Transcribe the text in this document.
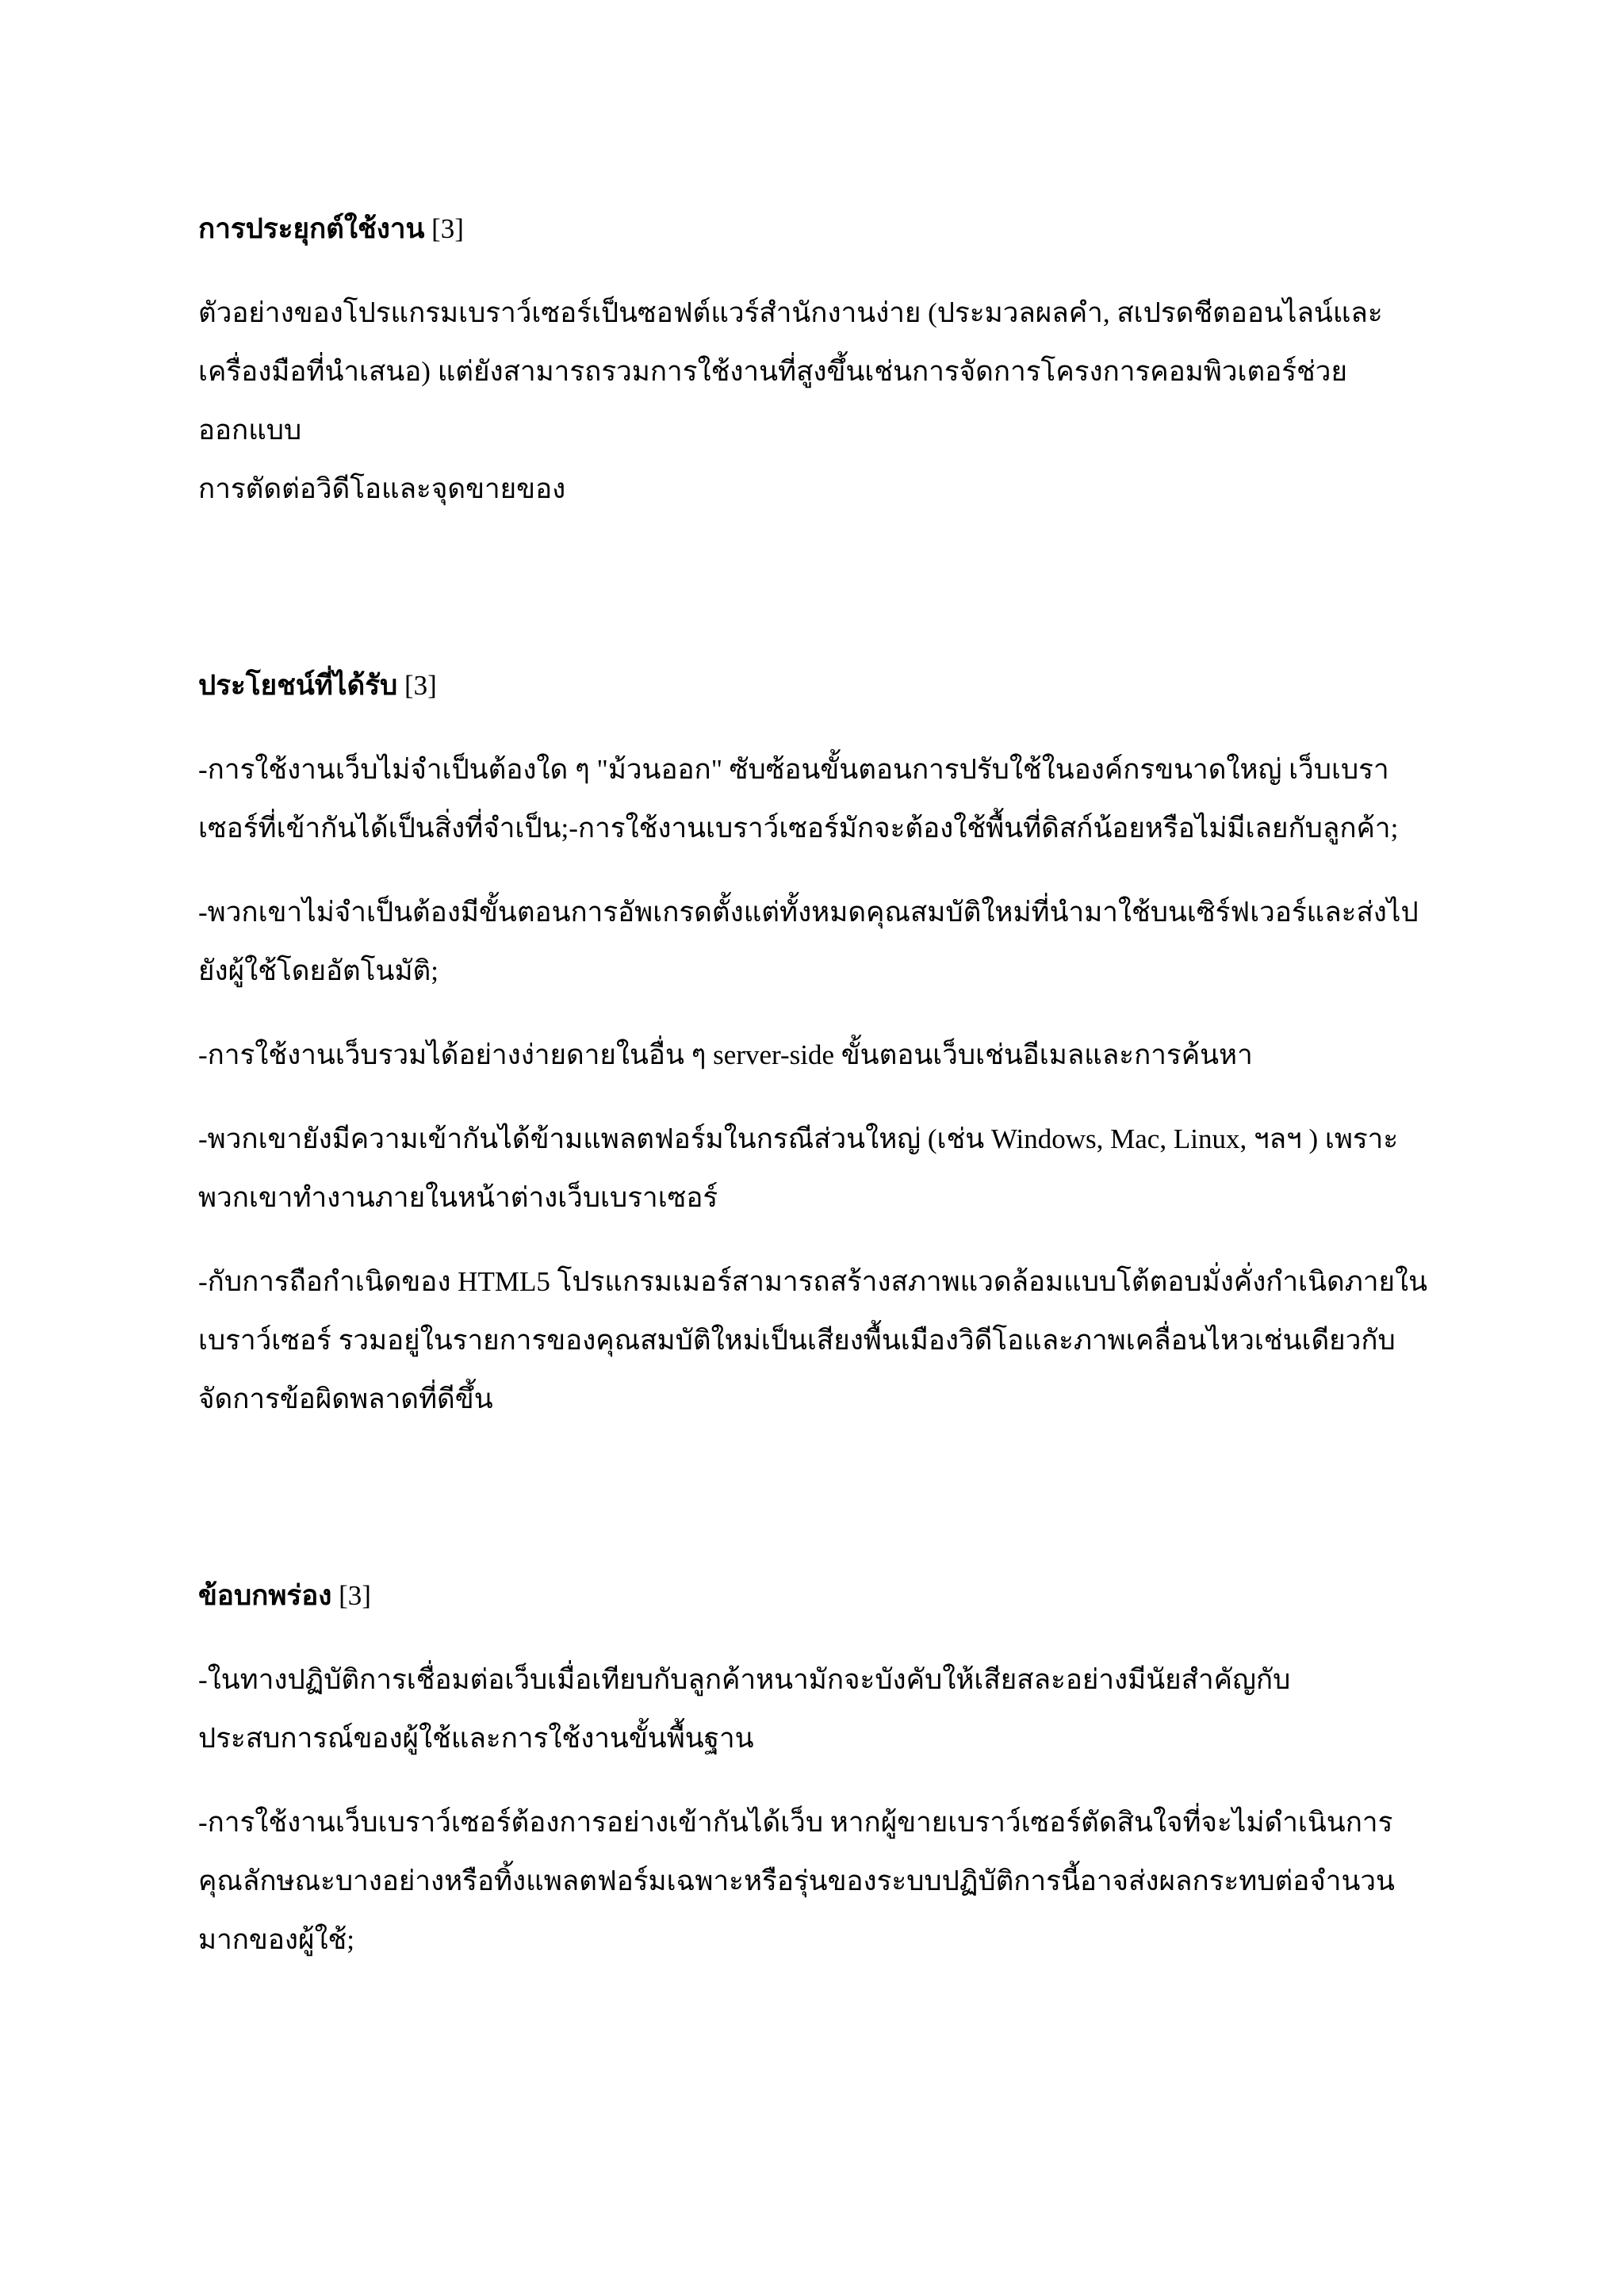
การประยุกต์ใช้งาน [3]

ตัวอย่างของโปรแกรมเบราว์เซอร์เป็นซอฟต์แวร์สำนักงานง่าย (ประมวลผลคำ, สเปรดชีตออนไลน์และ
เครื่องมือที่นำเสนอ) แต่ยังสามารถรวมการใช้งานที่สูงขึ้นเช่นการจัดการโครงการคอมพิวเตอร์ช่วยออกแบบ
การตัดต่อวิดีโอและจุดขายของ

ประโยชน์ที่ได้รับ [3]

-การใช้งานเว็บไม่จำเป็นต้องใด ๆ "ม้วนออก" ซับซ้อนขั้นตอนการปรับใช้ในองค์กรขนาดใหญ่ เว็บเบรา
เซอร์ที่เข้ากันได้เป็นสิ่งที่จำเป็น;-การใช้งานเบราว์เซอร์มักจะต้องใช้พื้นที่ดิสก์น้อยหรือไม่มีเลยกับลูกค้า;

-พวกเขาไม่จำเป็นต้องมีขั้นตอนการอัพเกรดตั้งแต่ทั้งหมดคุณสมบัติใหม่ที่นำมาใช้บนเซิร์ฟเวอร์และส่งไป
ยังผู้ใช้โดยอัตโนมัติ;

-การใช้งานเว็บรวมได้อย่างง่ายดายในอื่น ๆ server-side ขั้นตอนเว็บเช่นอีเมลและการค้นหา

-พวกเขายังมีความเข้ากันได้ข้ามแพลตฟอร์มในกรณีส่วนใหญ่ (เช่น Windows, Mac, Linux, ฯลฯ ) เพราะ
พวกเขาทำงานภายในหน้าต่างเว็บเบราเซอร์

-กับการถือกำเนิดของ HTML5 โปรแกรมเมอร์สามารถสร้างสภาพแวดล้อมแบบโต้ตอบมั่งคั่งกำเนิดภายใน
เบราว์เซอร์ รวมอยู่ในรายการของคุณสมบัติใหม่เป็นเสียงพื้นเมืองวิดีโอและภาพเคลื่อนไหวเช่นเดียวกับ
จัดการข้อผิดพลาดที่ดีขึ้น

ข้อบกพร่อง [3]

-ในทางปฏิบัติการเชื่อมต่อเว็บเมื่อเทียบกับลูกค้าหนามักจะบังคับให้เสียสละอย่างมีนัยสำคัญกับ
ประสบการณ์ของผู้ใช้และการใช้งานขั้นพื้นฐาน

-การใช้งานเว็บเบราว์เซอร์ต้องการอย่างเข้ากันได้เว็บ หากผู้ขายเบราว์เซอร์ตัดสินใจที่จะไม่ดำเนินการ
คุณลักษณะบางอย่างหรือทิ้งแพลตฟอร์มเฉพาะหรือรุ่นของระบบปฏิบัติการนี้อาจส่งผลกระทบต่อจำนวน
มากของผู้ใช้;
